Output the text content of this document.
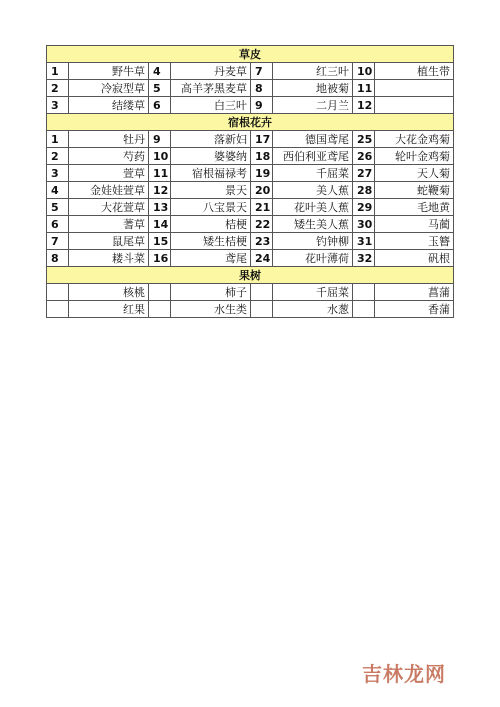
草皮							
1	野牛草	4	丹麦草	7	红三叶	10	植生带
2	冷寂型草	5	高羊茅黑麦草	8	地被菊	11	
3	结缕草	6	白三叶	9	二月兰	12	
宿根花卉							
1	牡丹	9	落新妇	17	德国鸢尾	25	大花金鸡菊
2	芍药	10	婆婆纳	18	西伯利亚鸢尾	26	轮叶金鸡菊
3	萱草	11	宿根福禄考	19	千屈菜	27	天人菊
4	金娃娃萱草	12	景天	20	美人蕉	28	蛇鞭菊
5	大花萱草	13	八宝景天	21	花叶美人蕉	29	毛地黄
6	蓍草	14	桔梗	22	矮生美人蕉	30	马蔺
7	鼠尾草	15	矮生桔梗	23	钓钟柳	31	玉簪
8	耧斗菜	16	鸢尾	24	花叶薄荷	32	矾根
果树							
	核桃		柿子		千屈菜		菖蒲
	红果		水生类		水葱		香蒲
吉林龙网
